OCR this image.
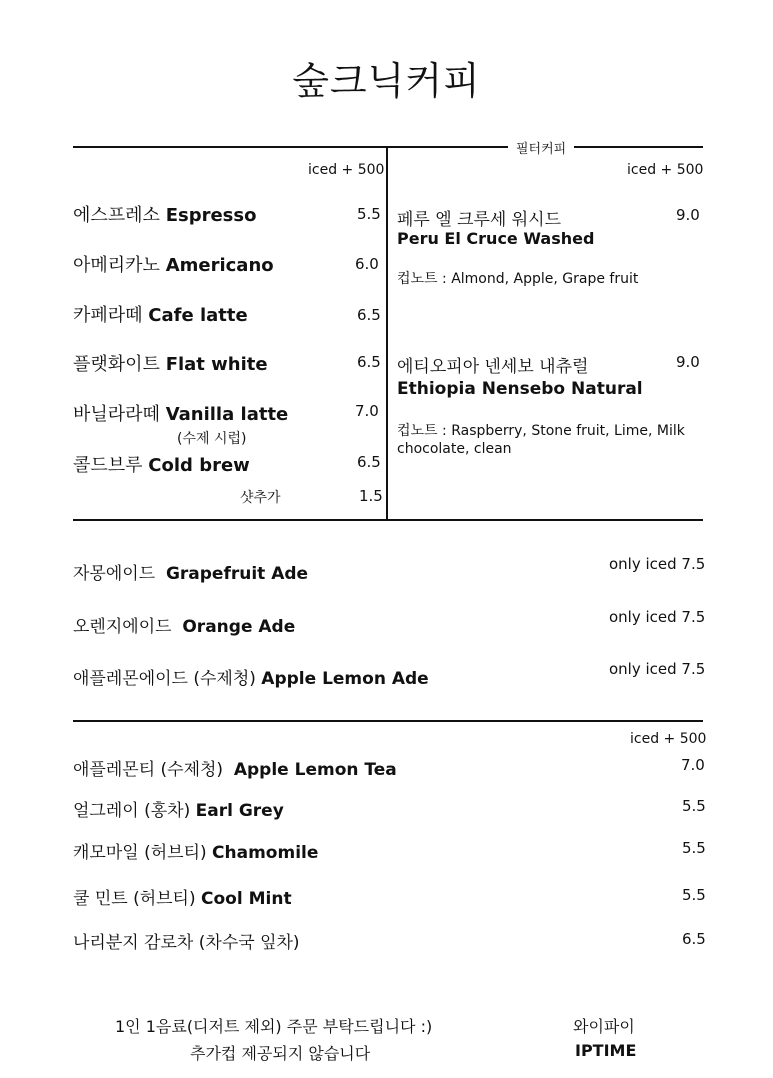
숲크닉커피
필터커피
iced + 500
에스프레소 Espresso	5.5
아메리카노 Americano	6.0
카페라떼 Cafe latte	6.5
플랫화이트 Flat white	6.5
바닐라라떼 Vanilla latte	7.0
(수제 시럽)
콜드브루 Cold brew	6.5
샷추가	1.5
iced + 500
페루 엘 크루세 워시드	9.0
Peru El Cruce Washed
컵노트 : Almond, Apple, Grape fruit
에티오피아 넨세보 내츄럴	9.0
Ethiopia Nensebo Natural
컵노트 : Raspberry, Stone fruit, Lime, Milk
chocolate, clean
자몽에이드 Grapefruit Ade	only iced 7.5
오렌지에이드 Orange Ade	only iced 7.5
애플레몬에이드 (수제청) Apple Lemon Ade	only iced 7.5
iced + 500
애플레몬티 (수제청) Apple Lemon Tea	7.0
얼그레이 (홍차) Earl Grey	5.5
캐모마일 (허브티) Chamomile	5.5
쿨 민트 (허브티) Cool Mint	5.5
나리분지 감로차 (차수국 잎차)	6.5
1인 1음료(디저트 제외) 주문 부탁드립니다 :)
추가컵 제공되지 않습니다
와이파이
IPTIME
